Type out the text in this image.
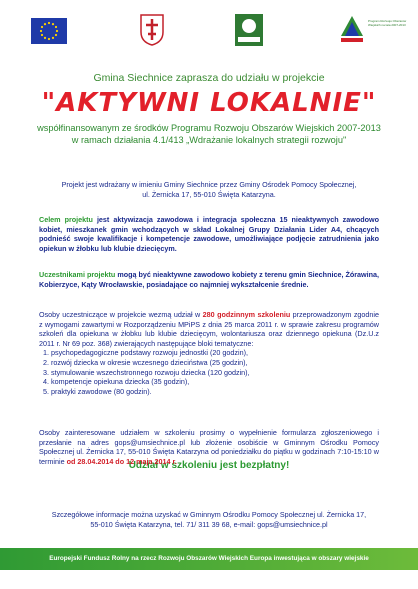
Program Rozwoju Obszarów Wiejskich na lata 2007-2013

Gmina Siechnice zaprasza do udziału w projekcie

"AKTYWNI LOKALNIE"

współfinansowanym ze środków Programu Rozwoju Obszarów Wiejskich 2007-2013
w ramach działania 4.1/413 „Wdrażanie lokalnych strategii rozwoju"

Projekt jest wdrażany w imieniu Gminy Siechnice przez Gminy Ośrodek Pomocy Społecznej,
ul. Żernicka 17, 55-010 Święta Katarzyna.
Celem projektu jest aktywizacja zawodowa i integracja społeczna 15 nieaktywnych zawodowo kobiet, mieszkanek gmin wchodzących w skład Lokalnej Grupy Działania Lider A4, chcących podnieść swoje kwalifikacje i kompetencje zawodowe, umożliwiające podjęcie zatrudnienia jako opiekun w żłobku lub klubie dziecięcym.
Uczestnikami projektu mogą być nieaktywne zawodowo kobiety z terenu gmin Siechnice, Żórawina, Kobierzyce, Kąty Wrocławskie, posiadające co najmniej wykształcenie średnie.
Osoby uczestniczące w projekcie wezmą udział w 280 godzinnym szkoleniu przeprowadzonym zgodnie z wymogami zawartymi w Rozporządzeniu MPiPS z dnia 25 marca 2011 r. w sprawie zakresu programów szkoleń dla opiekuna w żłobku lub klubie dziecięcym, wolontariusza oraz dziennego opiekuna (Dz.U.z 2011 r. Nr 69 poz. 368) zwierających następujące bloki tematyczne:
1. psychopedagogiczne podstawy rozwoju jednostki (20 godzin),
2. rozwój dziecka w okresie wczesnego dzieciństwa (25 godzin),
3. stymulowanie wszechstronnego rozwoju dziecka (120 godzin),
4. kompetencje opiekuna dziecka (35 godzin),
5. praktyki zawodowe (80 godzin).
Udział w szkoleniu jest bezpłatny!
Osoby zainteresowane udziałem w szkoleniu prosimy o wypełnienie formularza zgłoszeniowego i przesłanie na adres gops@umsiechnice.pl lub złożenie osobiście w Gminnym Ośrodku Pomocy Społecznej ul. Żernicka 17, 55-010 Święta Katarzyna od poniedziałku do piątku w godzinach 7:10-15:10 w terminie od 28.04.2014 do 12 maja 2014 r.
Szczegółowe informacje można uzyskać w Gminnym Ośrodku Pomocy Społecznej ul. Żernicka 17,
55-010 Święta Katarzyna, tel. 71/ 311 39 68, e-mail: gops@umsiechnice.pl
Europejski Fundusz Rolny na rzecz Rozwoju Obszarów Wiejskich Europa inwestująca w obszary wiejskie
